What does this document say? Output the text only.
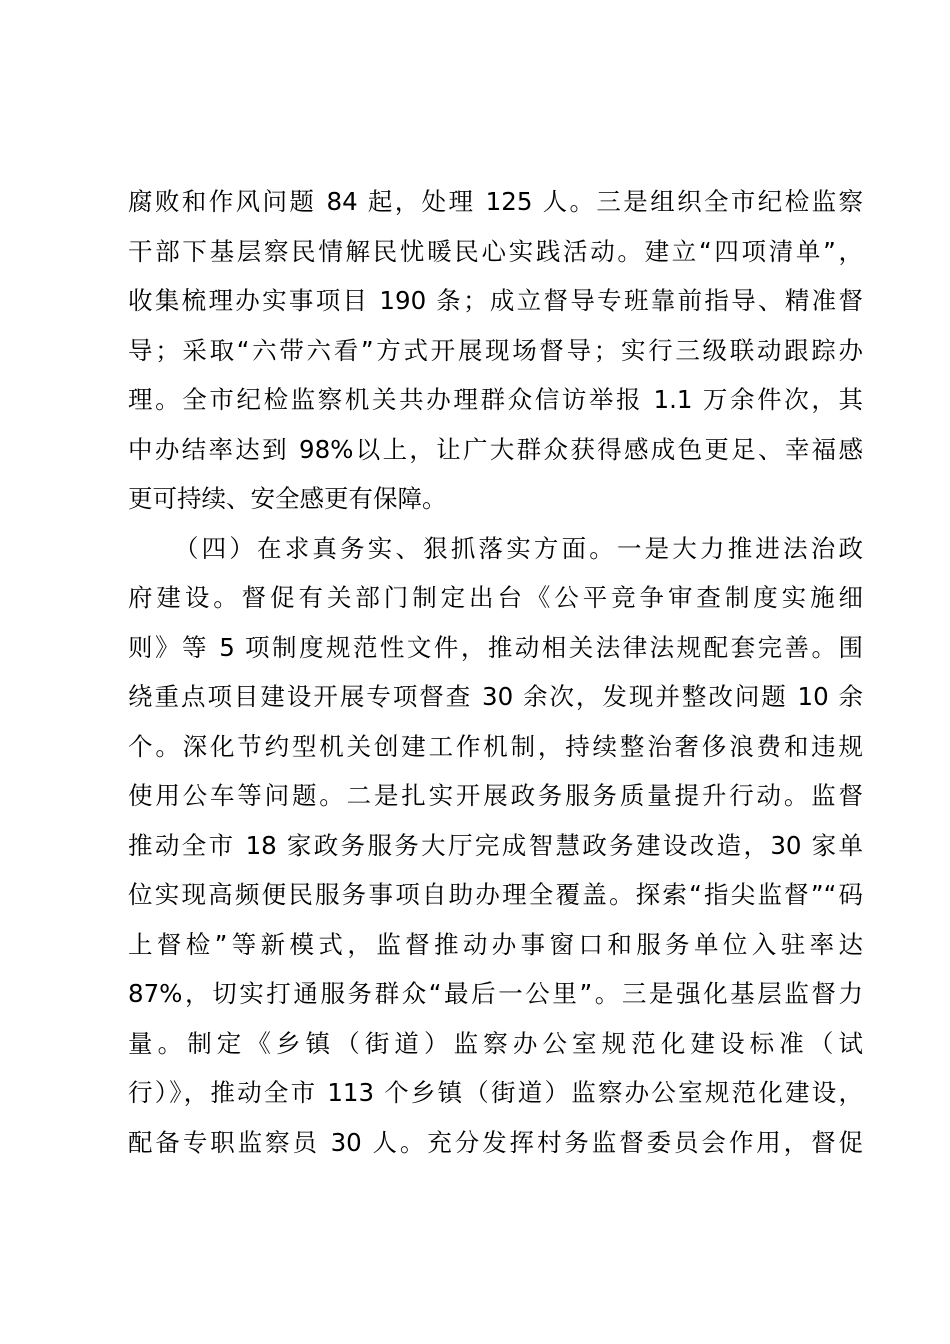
腐败和作风问题 84 起，处理 125 人。三是组织全市纪检监察
干部下基层察民情解民忧暖民心实践活动。建立“四项清单”，
收集梳理办实事项目 190 条；成立督导专班靠前指导、精准督
导；采取“六带六看”方式开展现场督导；实行三级联动跟踪办
理。全市纪检监察机关共办理群众信访举报 1.1 万余件次，其
中办结率达到 98%以上，让广大群众获得感成色更足、幸福感
更可持续、安全感更有保障。
（四）在求真务实、狠抓落实方面。一是大力推进法治政
府建设。督促有关部门制定出台《公平竞争审查制度实施细
则》等 5 项制度规范性文件，推动相关法律法规配套完善。围
绕重点项目建设开展专项督查 30 余次，发现并整改问题 10 余
个。深化节约型机关创建工作机制，持续整治奢侈浪费和违规
使用公车等问题。二是扎实开展政务服务质量提升行动。监督
推动全市 18 家政务服务大厅完成智慧政务建设改造，30 家单
位实现高频便民服务事项自助办理全覆盖。探索“指尖监督”“码
上督检”等新模式，监督推动办事窗口和服务单位入驻率达
87%，切实打通服务群众“最后一公里”。三是强化基层监督力
量。制定《乡镇（街道）监察办公室规范化建设标准（试
行）》，推动全市 113 个乡镇（街道）监察办公室规范化建设，
配备专职监察员 30 人。充分发挥村务监督委员会作用，督促
